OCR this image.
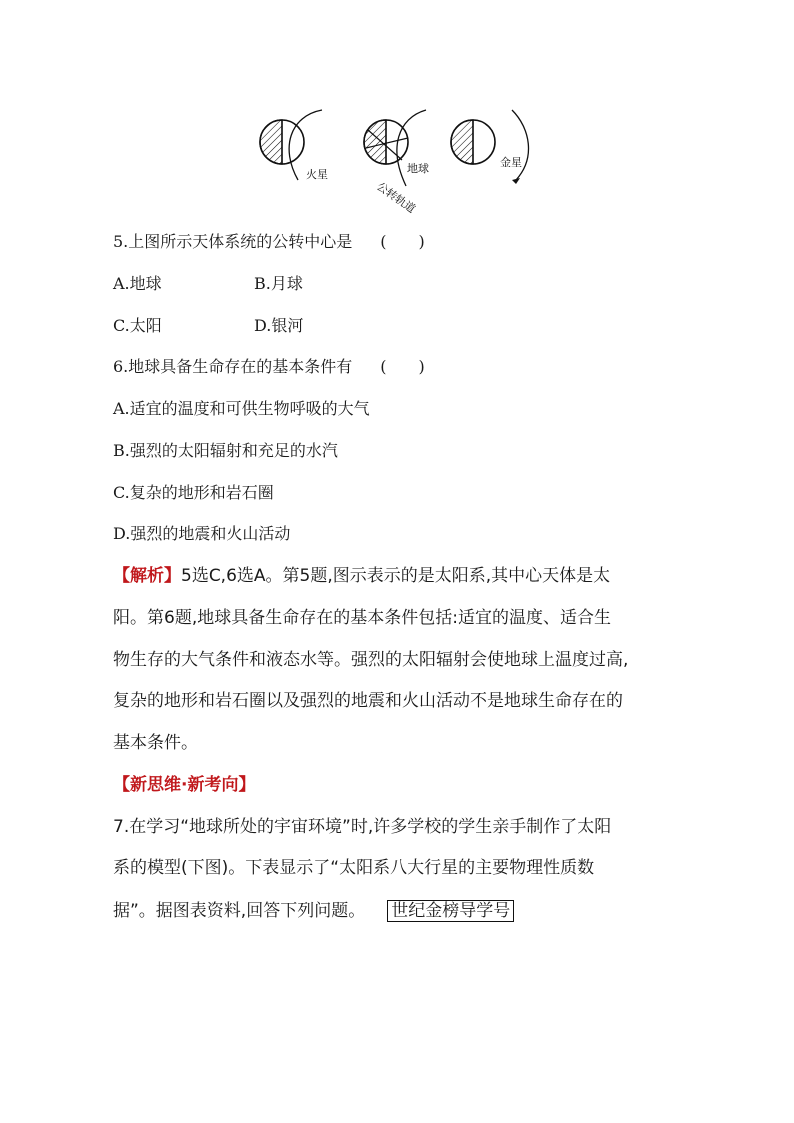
火星	地球
公转轨道
金星
5.上图所示天体系统的公转中心是 (　　)
A.地球	B.月球
C.太阳	D.银河
6.地球具备生命存在的基本条件有 (　　)
A.适宜的温度和可供生物呼吸的大气
B.强烈的太阳辐射和充足的水汽
C.复杂的地形和岩石圈
D.强烈的地震和火山活动
【解析】5选C,6选A。第5题,图示表示的是太阳系,其中心天体是太
阳。第6题,地球具备生命存在的基本条件包括:适宜的温度、适合生
物生存的大气条件和液态水等。强烈的太阳辐射会使地球上温度过高,
复杂的地形和岩石圈以及强烈的地震和火山活动不是地球生命存在的
基本条件。
【新思维·新考向】
7.在学习“地球所处的宇宙环境”时,许多学校的学生亲手制作了太阳
系的模型(下图)。下表显示了“太阳系八大行星的主要物理性质数
据”。据图表资料,回答下列问题。 世纪金榜导学号
